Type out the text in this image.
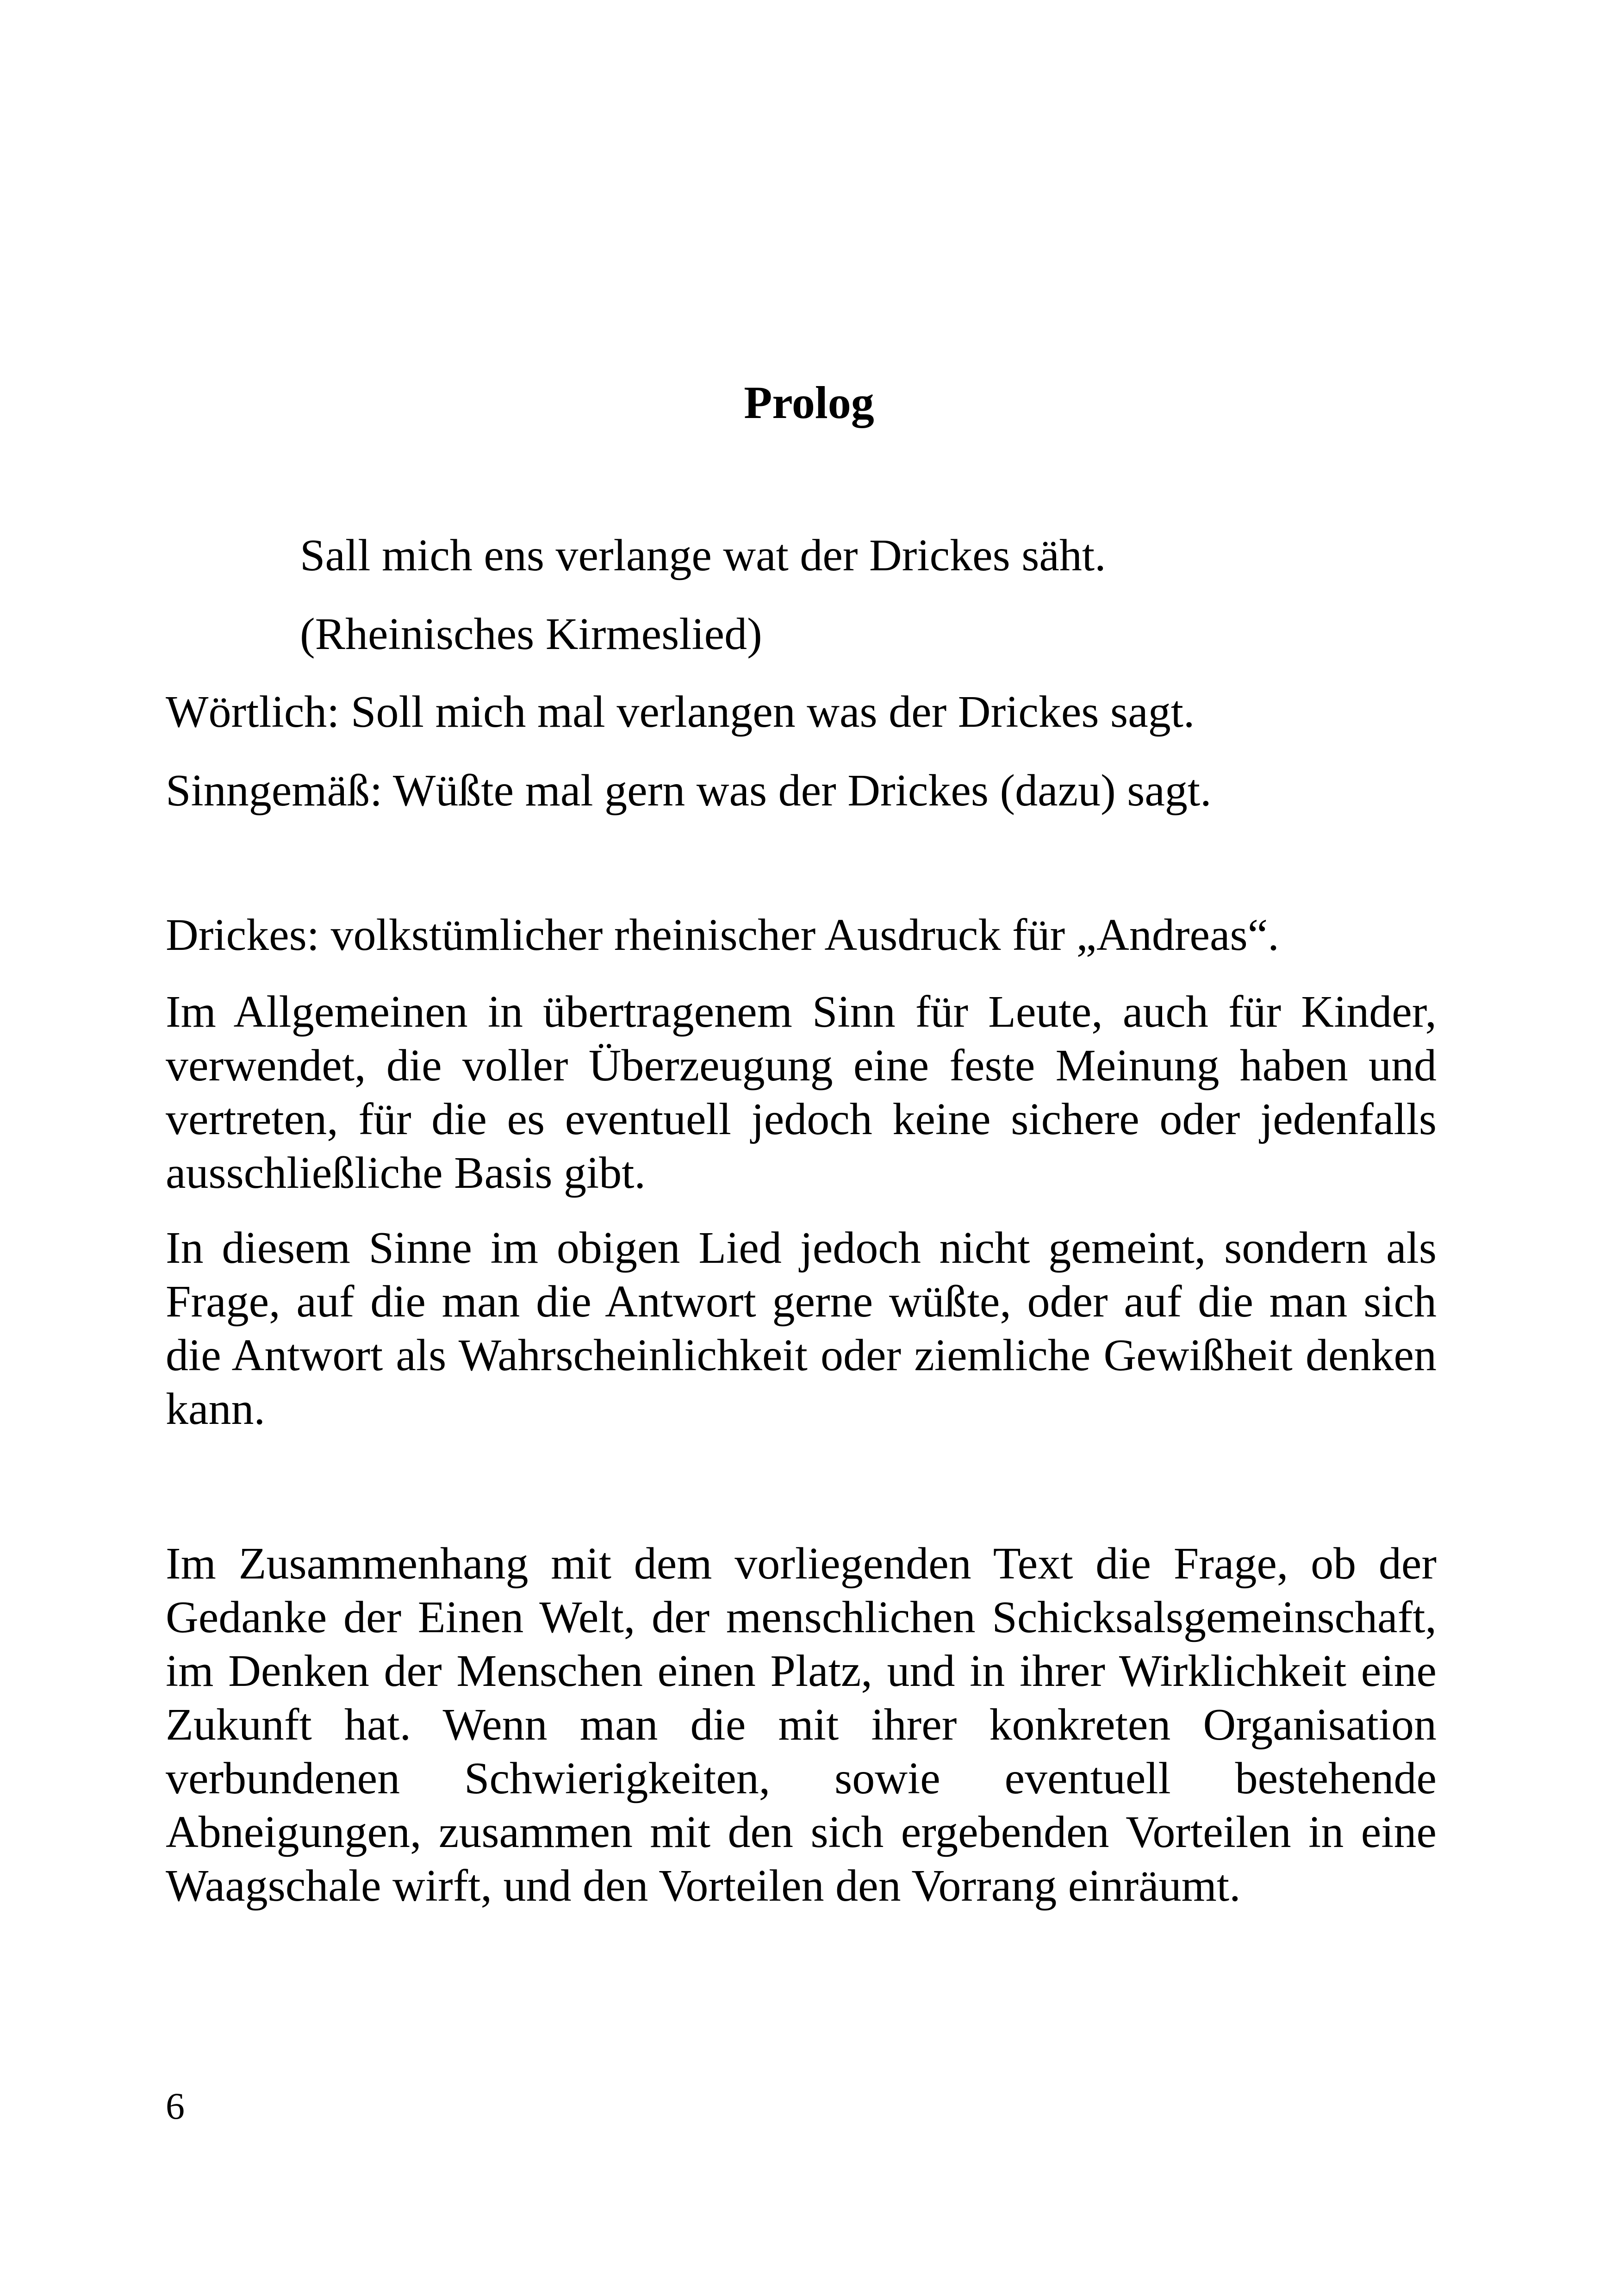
Prolog

Sall mich ens verlange wat der Drickes säht.

(Rheinisches Kirmeslied)

Wörtlich: Soll mich mal verlangen was der Drickes sagt.

Sinngemäß: Wüßte mal gern was der Drickes (dazu) sagt.

Drickes: volkstümlicher rheinischer Ausdruck für „Andreas“.

Im Allgemeinen in übertragenem Sinn für Leute, auch für Kinder, verwendet, die voller Überzeugung eine feste Meinung haben und vertreten, für die es eventuell jedoch keine sichere oder jedenfalls ausschließliche Basis gibt.

In diesem Sinne im obigen Lied jedoch nicht gemeint, sondern als Frage, auf die man die Antwort gerne wüßte, oder auf die man sich die Antwort als Wahrscheinlichkeit oder ziemliche Gewißheit denken kann.

Im Zusammenhang mit dem vorliegenden Text die Frage, ob der Gedanke der Einen Welt, der menschlichen Schicksalsgemeinschaft, im Denken der Menschen einen Platz, und in ihrer Wirklichkeit eine Zukunft hat. Wenn man die mit ihrer konkreten Organisation verbundenen Schwierigkeiten, sowie eventuell bestehende Abneigungen, zusammen mit den sich ergebenden Vorteilen in eine Waagschale wirft, und den Vorteilen den Vorrang einräumt.

6
